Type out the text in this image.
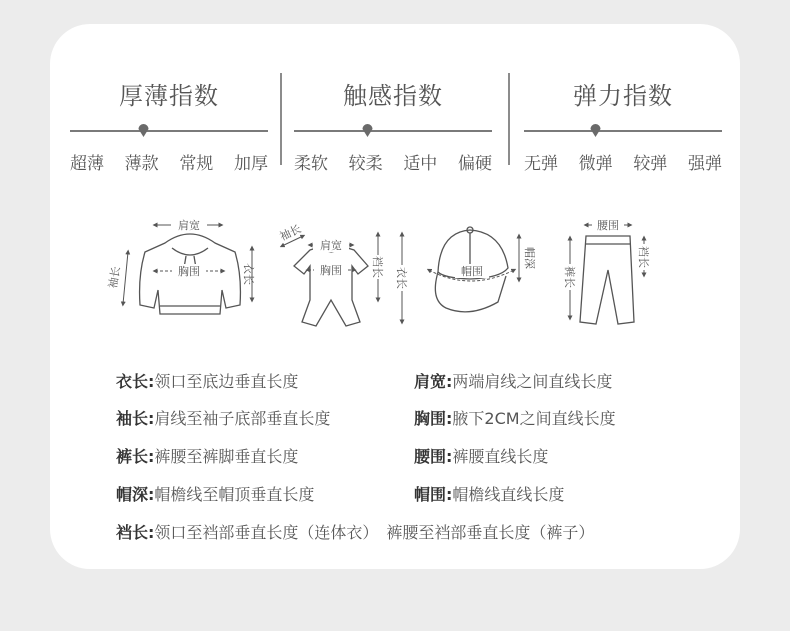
厚薄指数
超薄 薄款 常规 加厚
触感指数
柔软 较柔 适中 偏硬
弹力指数
无弹 微弹 较弹 强弹
肩宽
胸围	衣长
袖长
袖长
肩宽
胸围	裆长 衣长	帽围
帽深
腰围
裤长
裆长
衣长:领口至底边垂直长度	肩宽:两端肩线之间直线长度
袖长:肩线至袖子底部垂直长度	胸围:腋下2CM之间直线长度
裤长:裤腰至裤脚垂直长度	腰围:裤腰直线长度
帽深:帽檐线至帽顶垂直长度	帽围:帽檐线直线长度
裆长:领口至裆部垂直长度（连体衣）　裤腰至裆部垂直长度（裤子）
